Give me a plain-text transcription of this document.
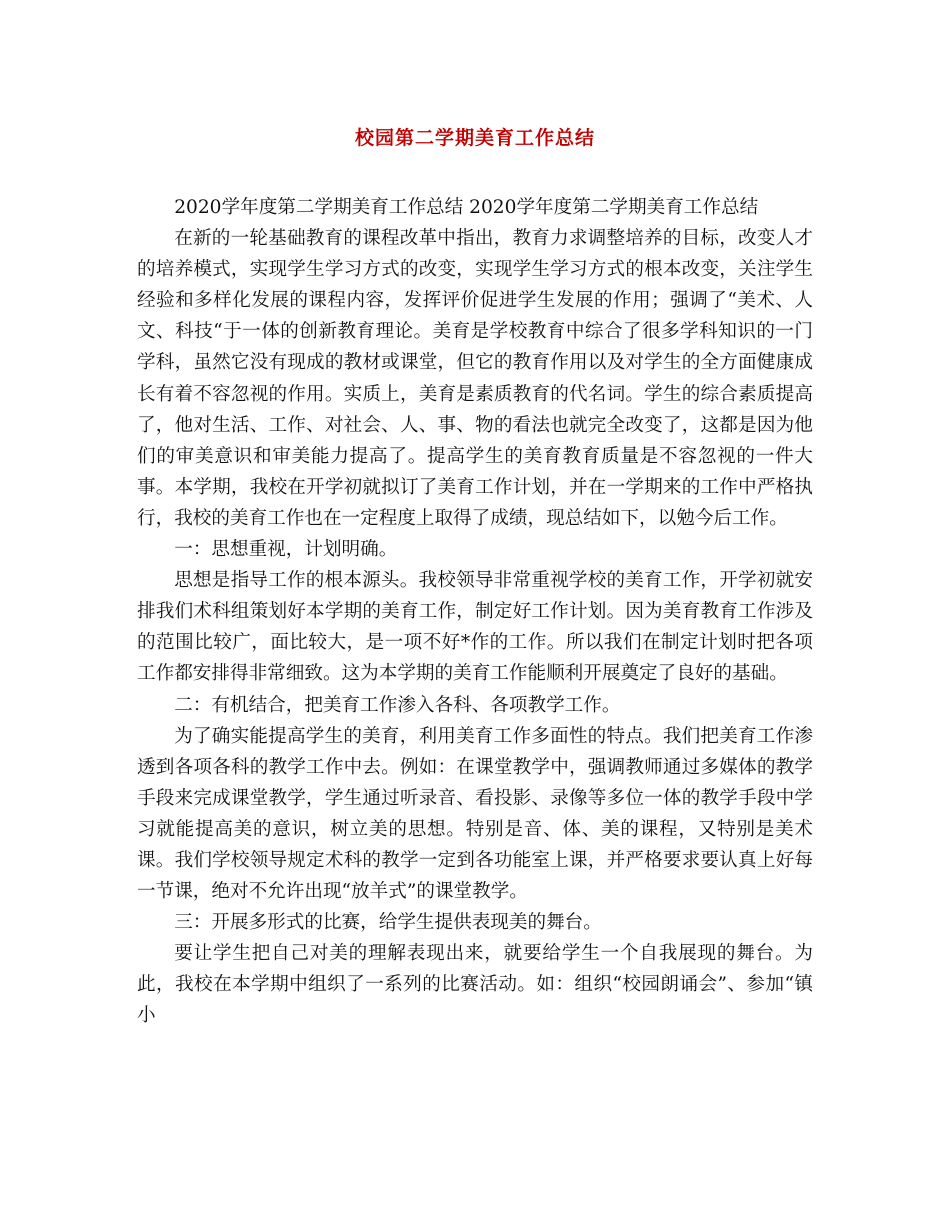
校园第二学期美育工作总结

2020学年度第二学期美育工作总结 2020学年度第二学期美育工作总结

在新的一轮基础教育的课程改革中指出，教育力求调整培养的目标，改变人才的培养模式，实现学生学习方式的改变，实现学生学习方式的根本改变，关注学生经验和多样化发展的课程内容，发挥评价促进学生发展的作用；强调了“美术、人文、科技“于一体的创新教育理论。美育是学校教育中综合了很多学科知识的一门学科，虽然它没有现成的教材或课堂，但它的教育作用以及对学生的全方面健康成长有着不容忽视的作用。实质上，美育是素质教育的代名词。学生的综合素质提高了，他对生活、工作、对社会、人、事、物的看法也就完全改变了，这都是因为他们的审美意识和审美能力提高了。提高学生的美育教育质量是不容忽视的一件大事。本学期，我校在开学初就拟订了美育工作计划，并在一学期来的工作中严格执行，我校的美育工作也在一定程度上取得了成绩，现总结如下，以勉今后工作。

一：思想重视，计划明确。

思想是指导工作的根本源头。我校领导非常重视学校的美育工作，开学初就安排我们术科组策划好本学期的美育工作，制定好工作计划。因为美育教育工作涉及的范围比较广，面比较大，是一项不好*作的工作。所以我们在制定计划时把各项工作都安排得非常细致。这为本学期的美育工作能顺利开展奠定了良好的基础。

二：有机结合，把美育工作渗入各科、各项教学工作。

为了确实能提高学生的美育，利用美育工作多面性的特点。我们把美育工作渗透到各项各科的教学工作中去。例如：在课堂教学中，强调教师通过多媒体的教学手段来完成课堂教学，学生通过听录音、看投影、录像等多位一体的教学手段中学习就能提高美的意识，树立美的思想。特别是音、体、美的课程，又特别是美术课。我们学校领导规定术科的教学一定到各功能室上课，并严格要求要认真上好每一节课，绝对不允许出现“放羊式”的课堂教学。

三：开展多形式的比赛，给学生提供表现美的舞台。

要让学生把自己对美的理解表现出来，就要给学生一个自我展现的舞台。为此，我校在本学期中组织了一系列的比赛活动。如：组织“校园朗诵会”、参加“镇小
